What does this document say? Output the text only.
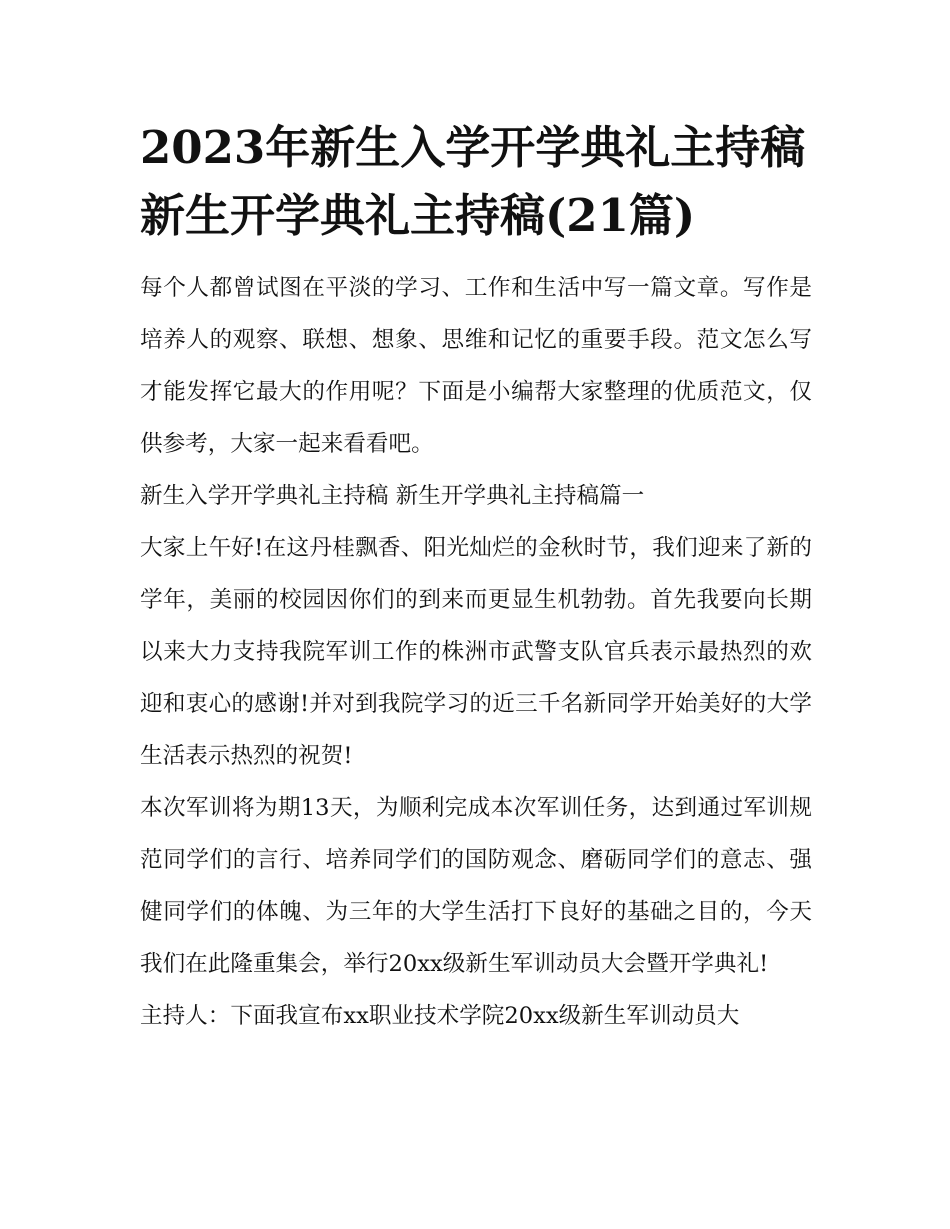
2023年新生入学开学典礼主持稿 新生开学典礼主持稿(21篇)

每个人都曾试图在平淡的学习、工作和生活中写一篇文章。写作是培养人的观察、联想、想象、思维和记忆的重要手段。范文怎么写才能发挥它最大的作用呢？下面是小编帮大家整理的优质范文，仅供参考，大家一起来看看吧。

新生入学开学典礼主持稿 新生开学典礼主持稿篇一

大家上午好!在这丹桂飘香、阳光灿烂的金秋时节，我们迎来了新的学年，美丽的校园因你们的到来而更显生机勃勃。首先我要向长期以来大力支持我院军训工作的株洲市武警支队官兵表示最热烈的欢迎和衷心的感谢!并对到我院学习的近三千名新同学开始美好的大学生活表示热烈的祝贺!

本次军训将为期13天，为顺利完成本次军训任务，达到通过军训规范同学们的言行、培养同学们的国防观念、磨砺同学们的意志、强健同学们的体魄、为三年的大学生活打下良好的基础之目的，今天我们在此隆重集会，举行20xx级新生军训动员大会暨开学典礼!

主持人：下面我宣布xx职业技术学院20xx级新生军训动员大
